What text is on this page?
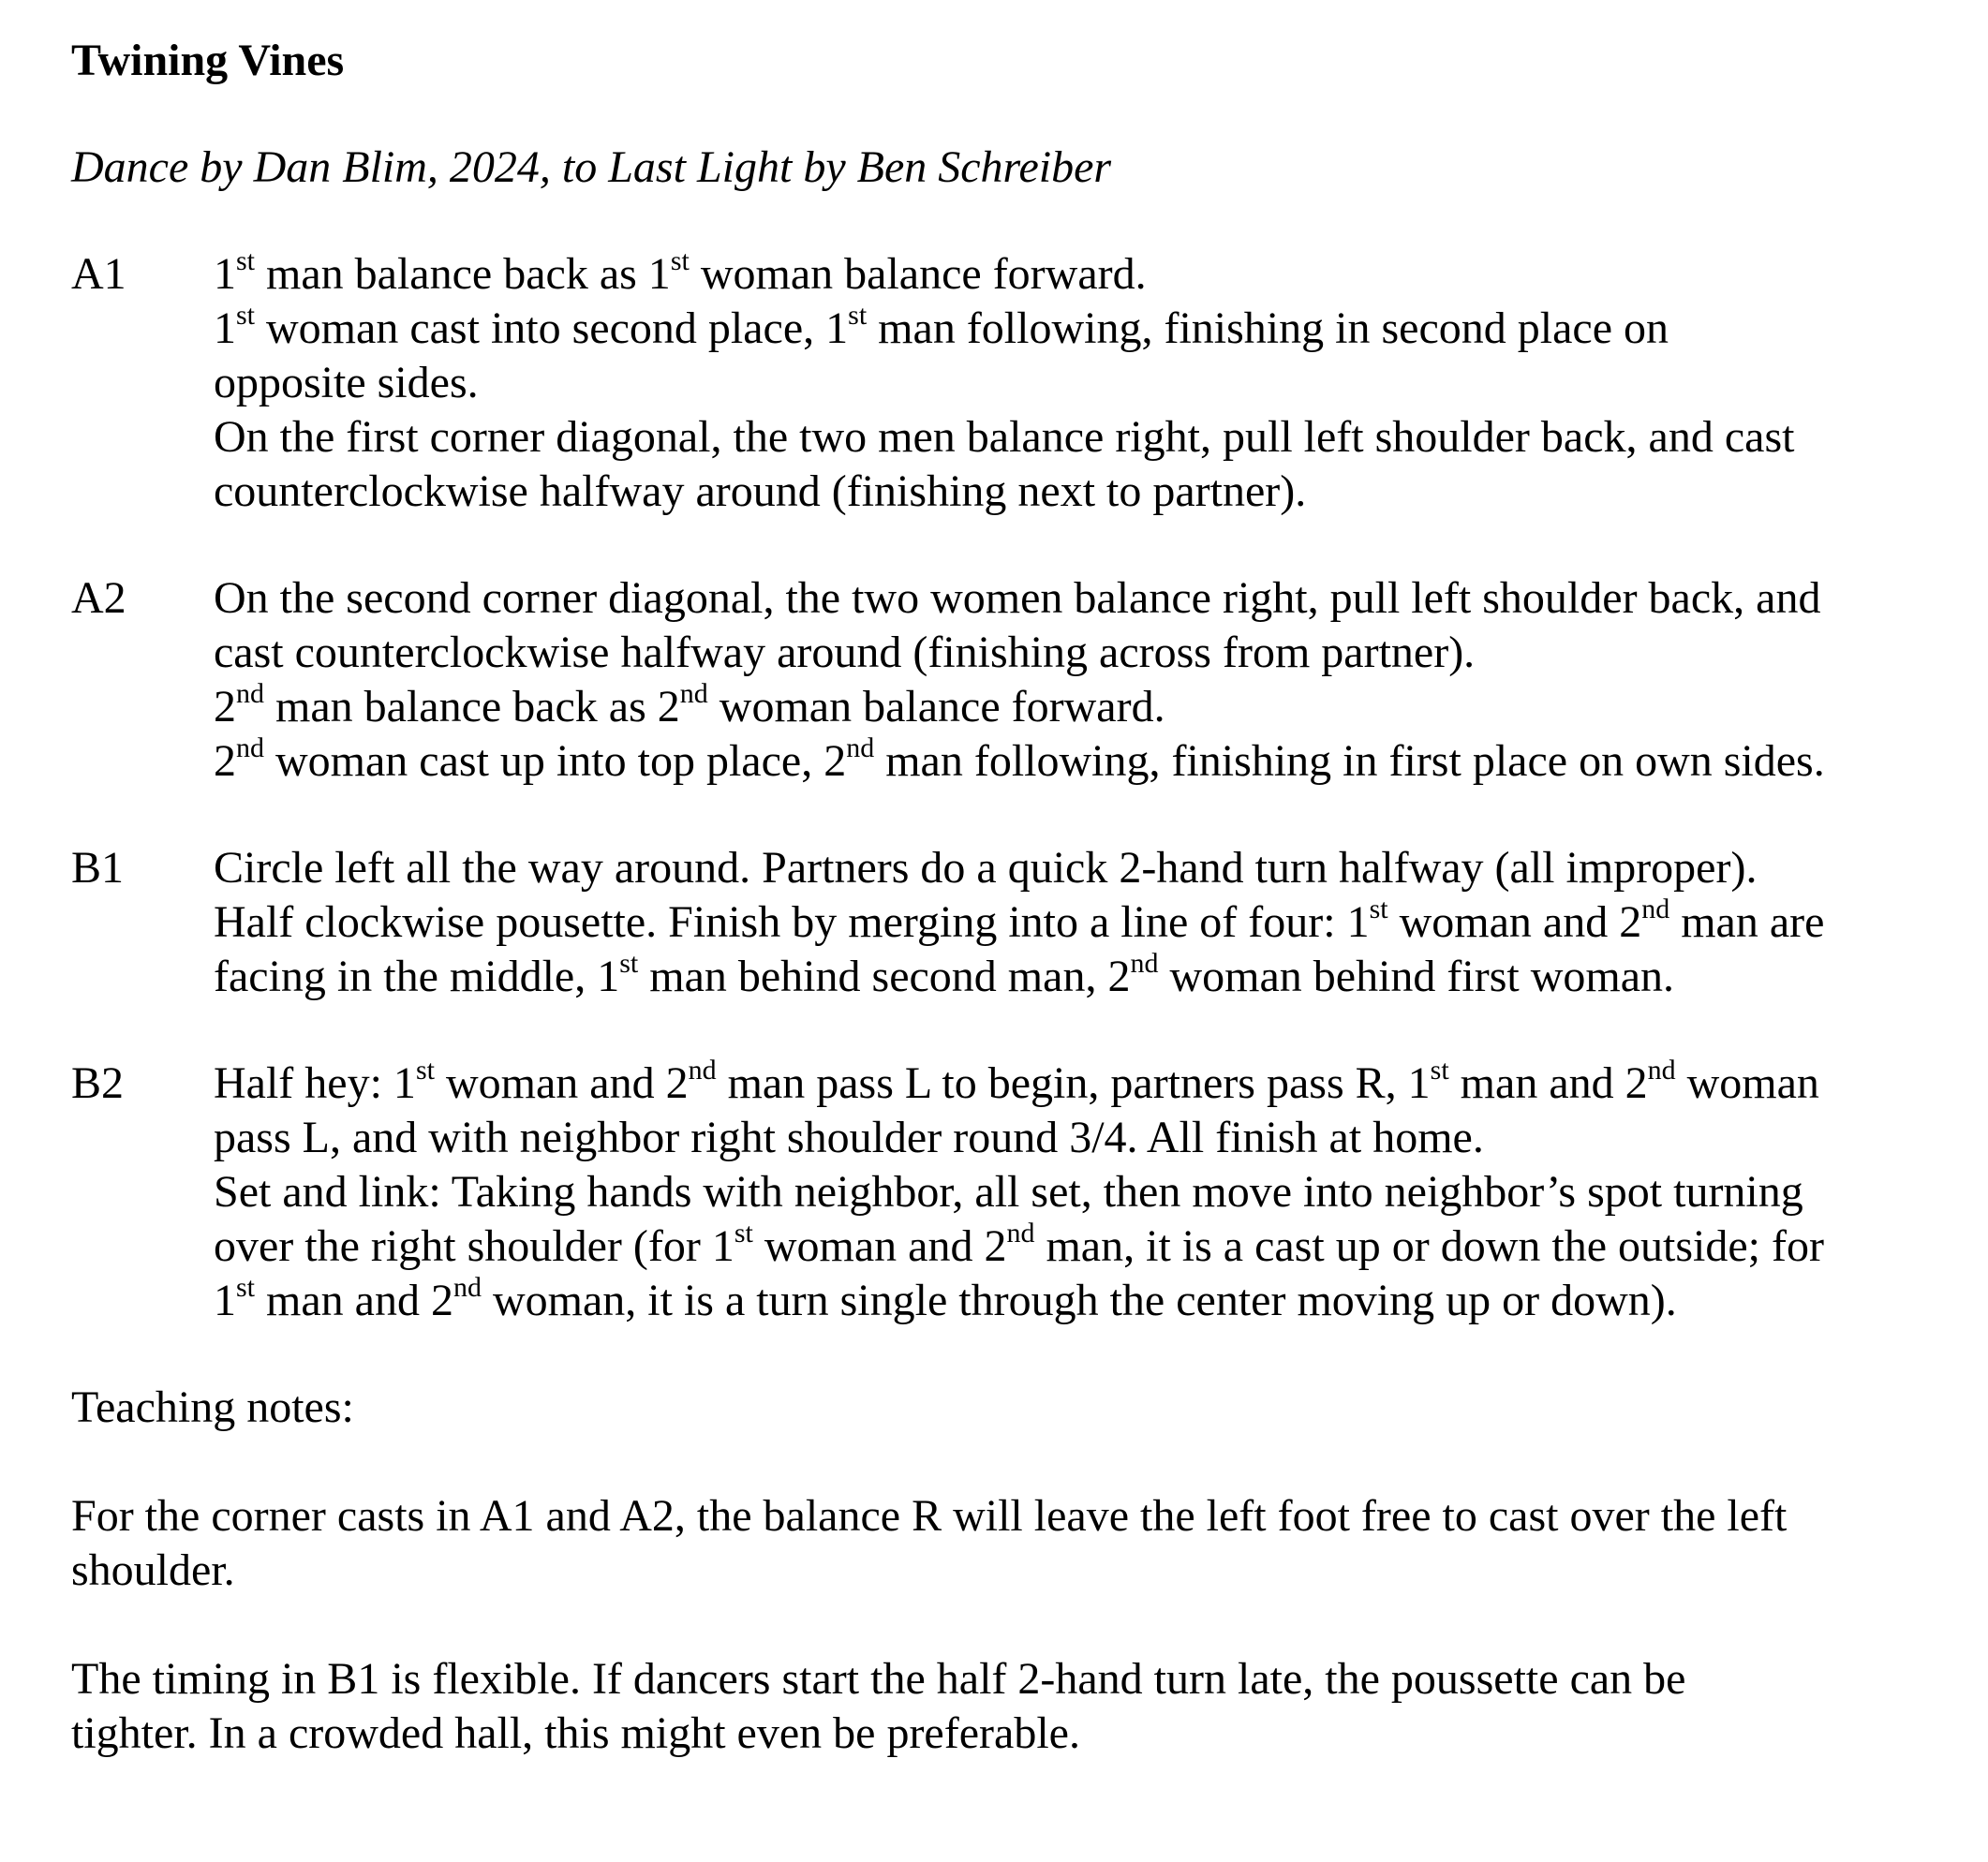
Twining Vines
Dance by Dan Blim, 2024, to Last Light by Ben Schreiber
A1	1st man balance back as 1st woman balance forward.
1st woman cast into second place, 1st man following, finishing in second place on
opposite sides.
On the first corner diagonal, the two men balance right, pull left shoulder back, and cast
counterclockwise halfway around (finishing next to partner).
A2	On the second corner diagonal, the two women balance right, pull left shoulder back, and
cast counterclockwise halfway around (finishing across from partner).
2nd man balance back as 2nd woman balance forward.
2nd woman cast up into top place, 2nd man following, finishing in first place on own sides.
B1	Circle left all the way around. Partners do a quick 2-hand turn halfway (all improper).
Half clockwise pousette. Finish by merging into a line of four: 1st woman and 2nd man are
facing in the middle, 1st man behind second man, 2nd woman behind first woman.
B2	Half hey: 1st woman and 2nd man pass L to begin, partners pass R, 1st man and 2nd woman
pass L, and with neighbor right shoulder round 3/4. All finish at home.
Set and link: Taking hands with neighbor, all set, then move into neighbor’s spot turning
over the right shoulder (for 1st woman and 2nd man, it is a cast up or down the outside; for
1st man and 2nd woman, it is a turn single through the center moving up or down).
Teaching notes:
For the corner casts in A1 and A2, the balance R will leave the left foot free to cast over the left
shoulder.
The timing in B1 is flexible. If dancers start the half 2-hand turn late, the poussette can be
tighter. In a crowded hall, this might even be preferable.
